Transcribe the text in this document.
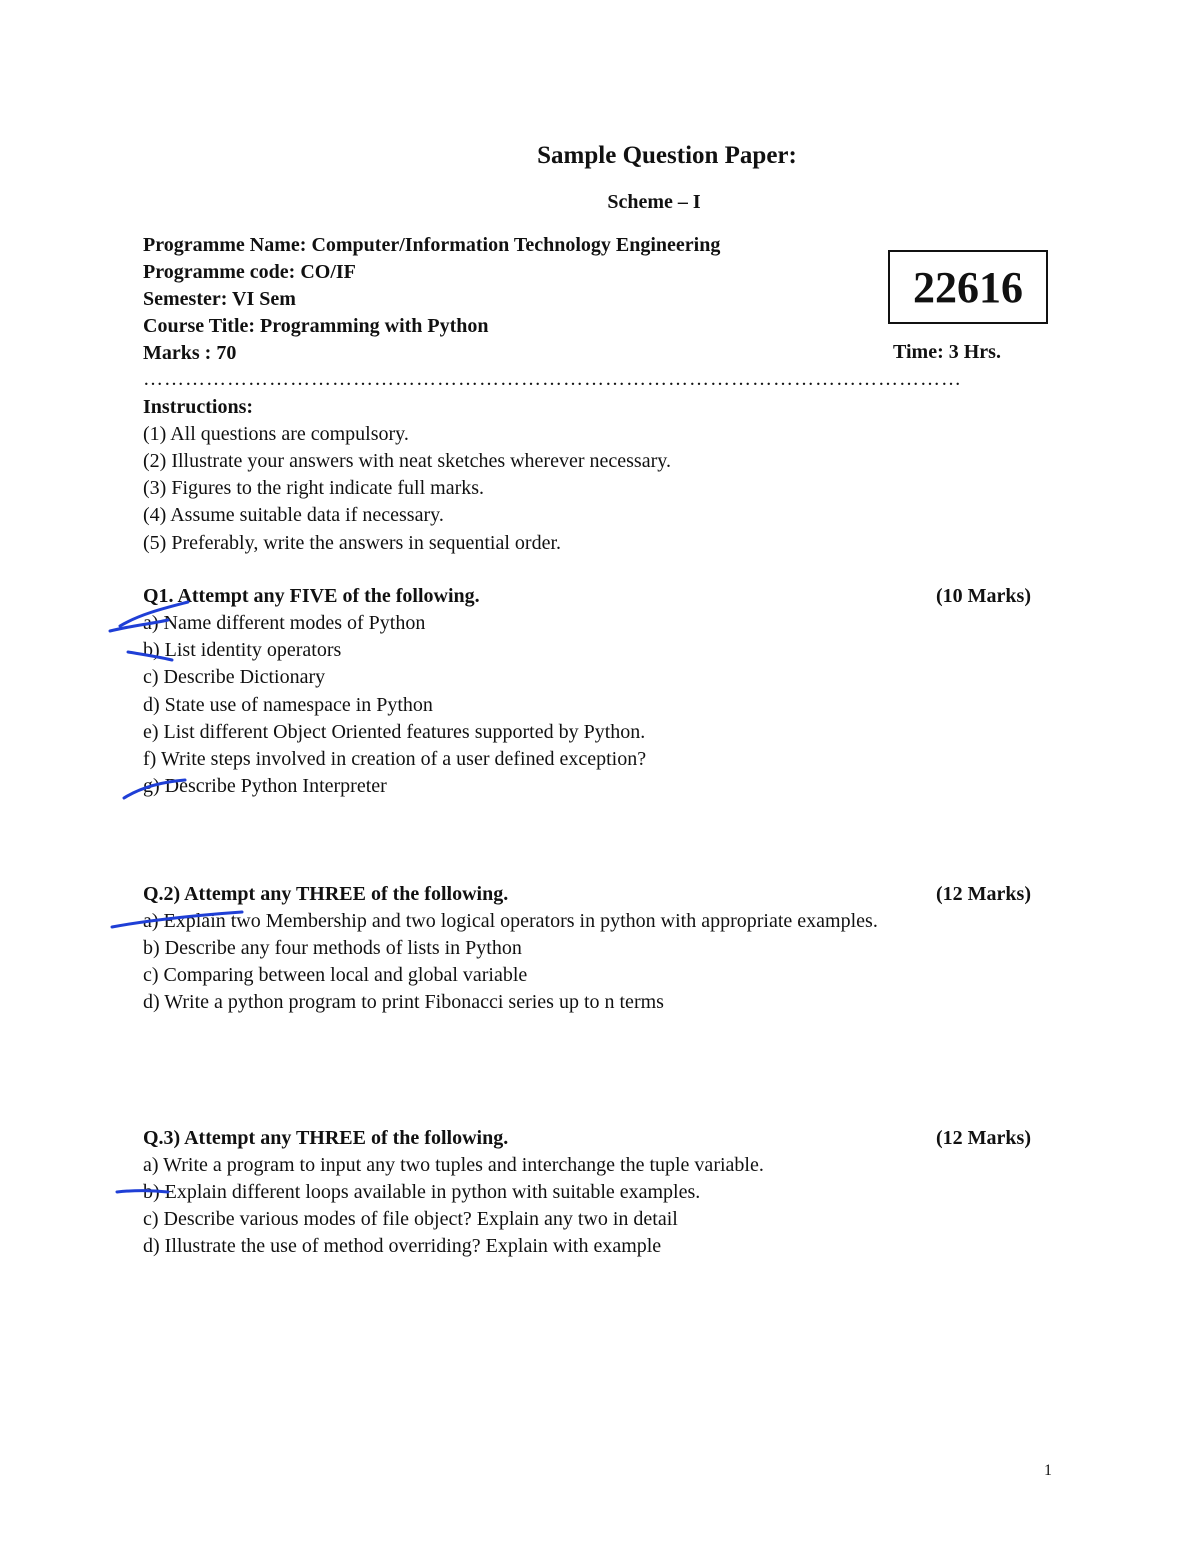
Sample Question Paper:
Scheme – I
Programme Name: Computer/Information Technology Engineering
Programme code: CO/IF
Semester: VI Sem
Course Title: Programming with Python
Marks : 70
22616
Time: 3 Hrs.
………………………………………………………………………………………………………
Instructions:
(1) All questions are compulsory.
(2) Illustrate your answers with neat sketches wherever necessary.
(3) Figures to the right indicate full marks.
(4) Assume suitable data if necessary.
(5) Preferably, write the answers in sequential order.
Q1. Attempt any FIVE of the following.	(10 Marks)
a) Name different modes of Python
b) List identity operators
c) Describe Dictionary
d) State use of namespace in Python
e) List different Object Oriented features supported by Python.
f) Write steps involved in creation of a user defined exception?
g) Describe Python Interpreter
Q.2) Attempt any THREE of the following.	(12 Marks)
a) Explain two Membership and two logical operators in python with appropriate examples.
b) Describe any four methods of lists in Python
c) Comparing between local and global variable
d) Write a python program to print Fibonacci series up to n terms
Q.3) Attempt any THREE of the following.	(12 Marks)
a) Write a program to input any two tuples and interchange the tuple variable.
b) Explain different loops available in python with suitable examples.
c) Describe various modes of file object? Explain any two in detail
d) Illustrate the use of method overriding? Explain with example
1
